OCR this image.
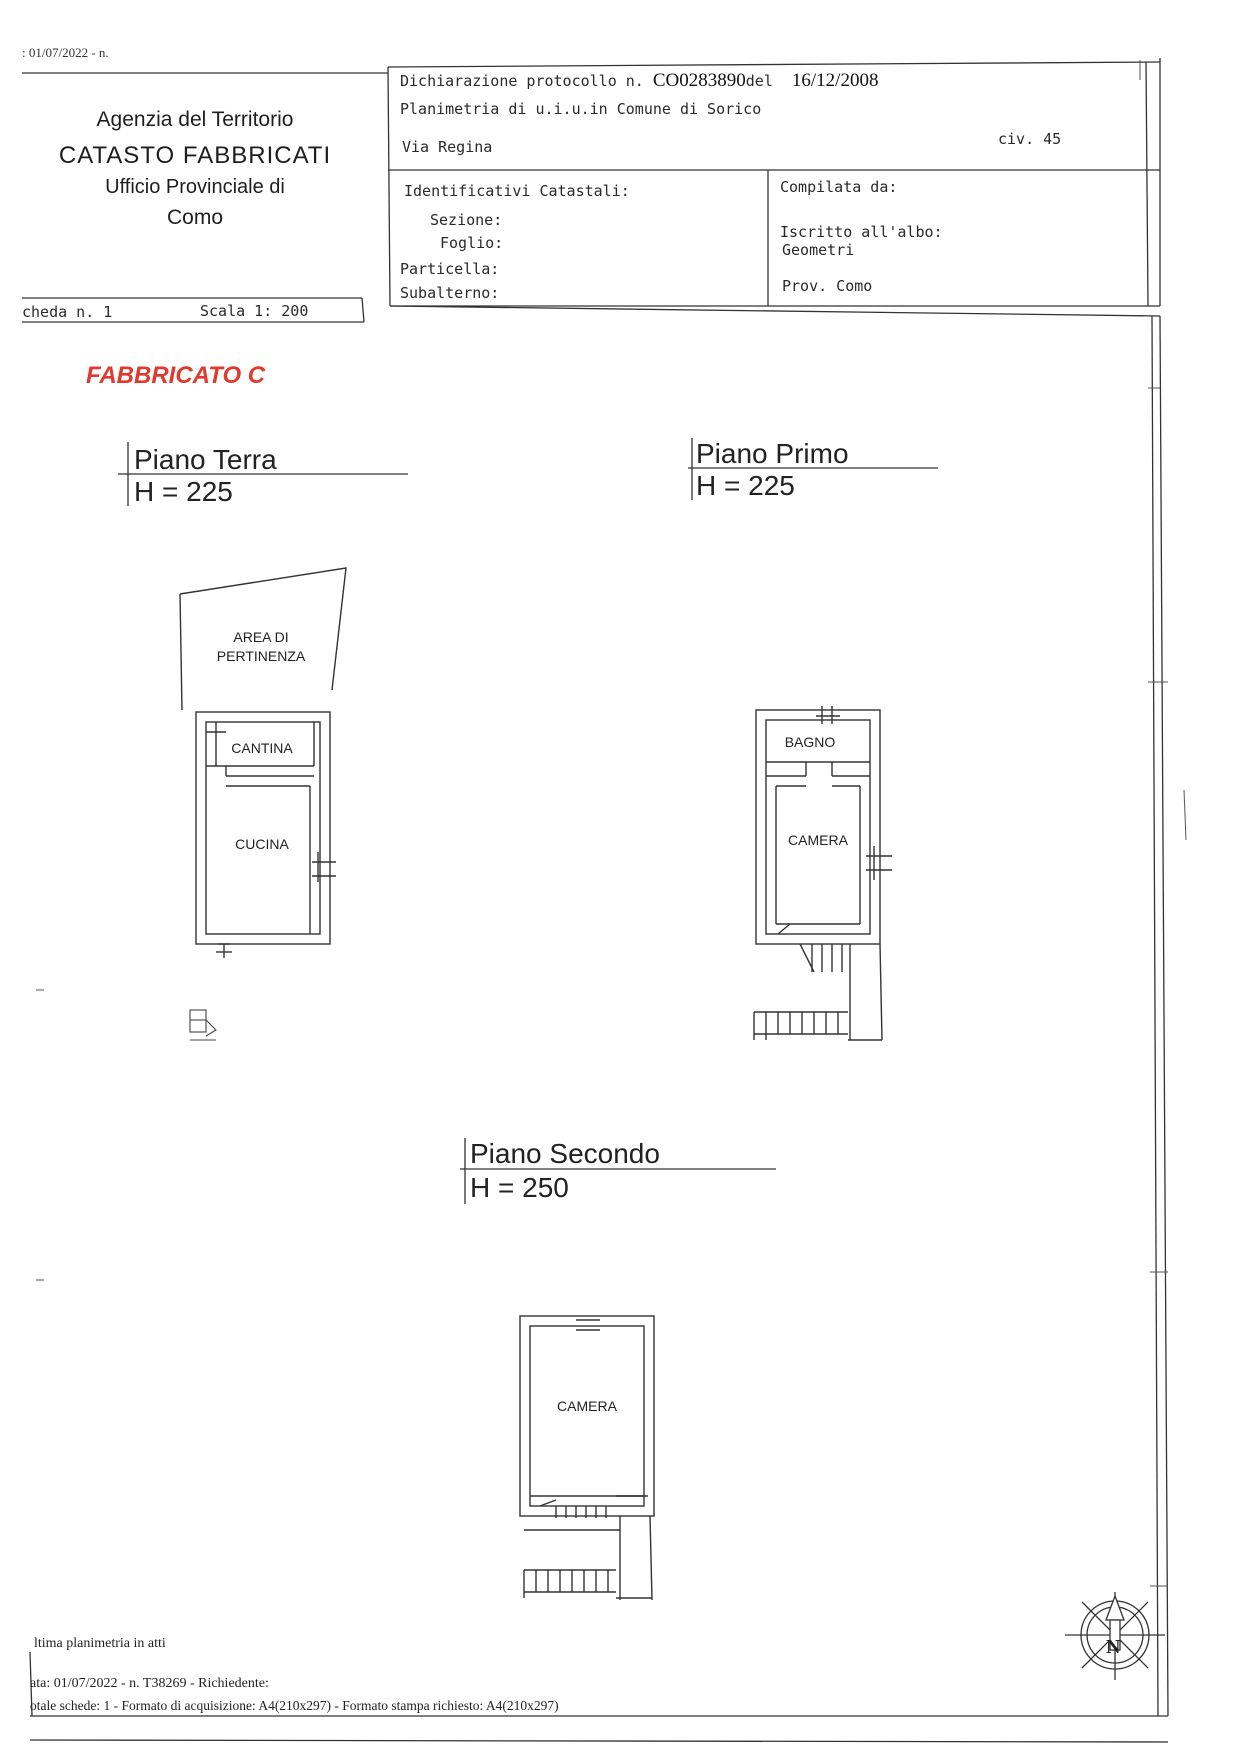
: 01/07/2022 - n.
Agenzia del Territorio
CATASTO FABBRICATI
Ufficio Provinciale di
Como
Dichiarazione protocollo n. CO0283890del 16/12/2008
Planimetria di u.i.u.in Comune di Sorico
Via Regina	civ. 45
Identificativi Catastali:
Sezione:
Foglio:
Particella:
Subalterno:
Compilata da:
Iscritto all'albo:
Geometri
Prov. Como
cheda n. 1	Scala 1: 200
FABBRICATO C
Piano Terra
H = 225
Piano Primo
H = 225
Piano Secondo
H = 250
AREA DI
PERTINENZA
CANTINA
CUCINA
BAGNO
CAMERA
CAMERA
N
ltima planimetria in atti
ata: 01/07/2022 - n. T38269 - Richiedente:
otale schede: 1 - Formato di acquisizione: A4(210x297) - Formato stampa richiesto: A4(210x297)
